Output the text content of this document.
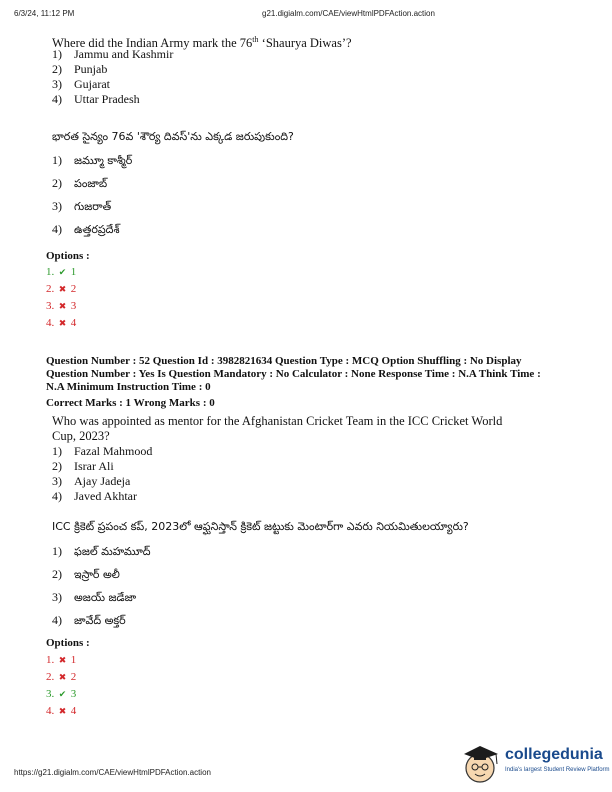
6/3/24, 11:12 PM	g21.digialm.com/CAE/viewHtmlPDFAction.action
Where did the Indian Army mark the 76th ‘Shaurya Diwas’?
1) Jammu and Kashmir
2) Punjab
3) Gujarat
4) Uttar Pradesh
భారత సైన్యం 76వ 'శౌర్య దివస్'ను ఎక్కడ జరుపుకుంది?
1) జమ్మూ కాశ్మీర్
2) పంజాబ్
3) గుజరాత్
4) ఉత్తరప్రదేశ్
Options :
1. ✔ 1
2. ✖ 2
3. ✖ 3
4. ✖ 4
Question Number : 52 Question Id : 3982821634 Question Type : MCQ Option Shuffling : No Display
Question Number : Yes Is Question Mandatory : No Calculator : None Response Time : N.A Think Time :
N.A Minimum Instruction Time : 0
Correct Marks : 1 Wrong Marks : 0
Who was appointed as mentor for the Afghanistan Cricket Team in the ICC Cricket World
Cup, 2023?
1) Fazal Mahmood
2) Israr Ali
3) Ajay Jadeja
4) Javed Akhtar
ICC క్రికెట్ ప్రపంచ కప్, 2023లో ఆఫ్ఘనిస్తాన్ క్రికెట్ జట్టుకు మెంటార్‌గా ఎవరు నియమితులయ్యారు?
1) ఫజల్ మహమూద్
2) ఇస్రార్ అలీ
3) అజయ్ జడేజా
4) జావేద్ అక్తర్
Options :
1. ✖ 1
2. ✖ 2
3. ✔ 3
4. ✖ 4
https://g21.digialm.com/CAE/viewHtmlPDFAction.action
collegedunia
India's largest Student Review Platform
